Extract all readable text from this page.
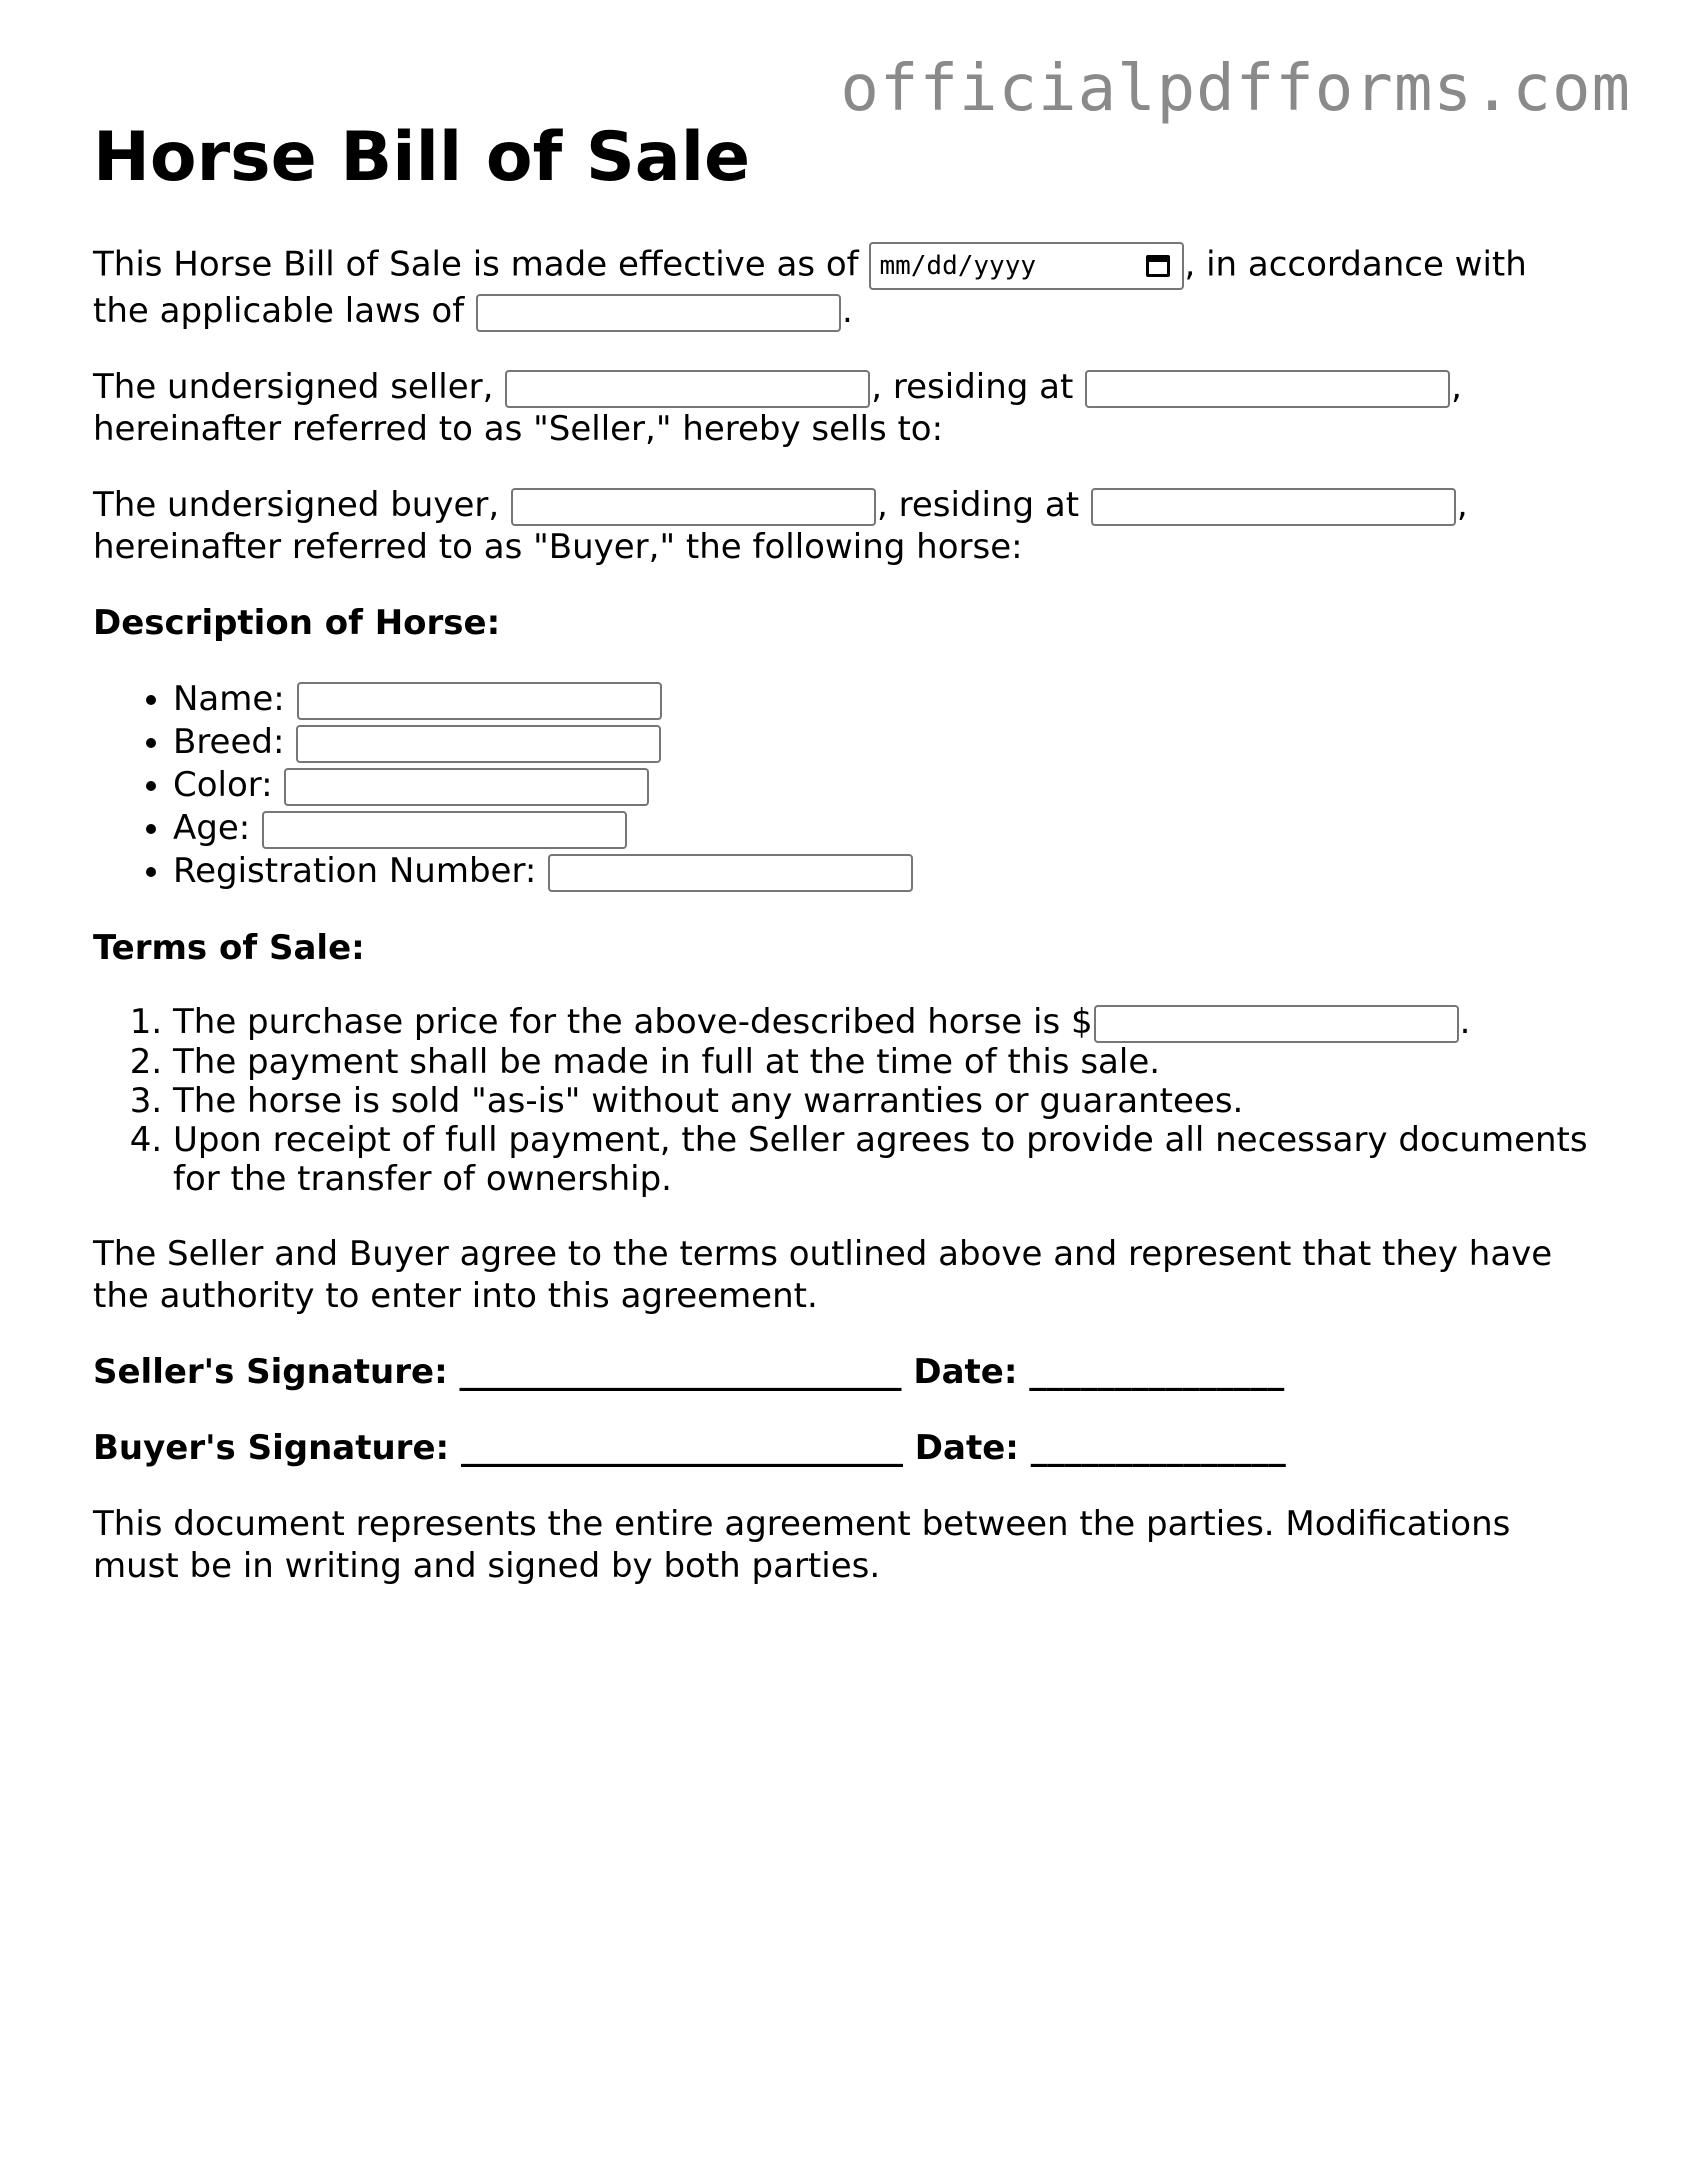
officialpdfforms.com
Horse Bill of Sale

This Horse Bill of Sale is made effective as of mm/dd/yyyy	, in accordance with the applicable laws of	.

The undersigned seller,	, residing at	, hereinafter referred to as "Seller," hereby sells to:

The undersigned buyer,	, residing at	, hereinafter referred to as "Buyer," the following horse:

Description of Horse:
• Name:
• Breed:
• Color:
• Age:
• Registration Number:
Terms of Sale:
1. The purchase price for the above-described horse is $	.
2. The payment shall be made in full at the time of this sale.
3. The horse is sold "as-is" without any warranties or guarantees.
4. Upon receipt of full payment, the Seller agrees to provide all necessary documents for the transfer of ownership.

The Seller and Buyer agree to the terms outlined above and represent that they have the authority to enter into this agreement.

Seller's Signature: __________________________ Date: _______________
Buyer's Signature: __________________________ Date: _______________

This document represents the entire agreement between the parties. Modifications must be in writing and signed by both parties.
